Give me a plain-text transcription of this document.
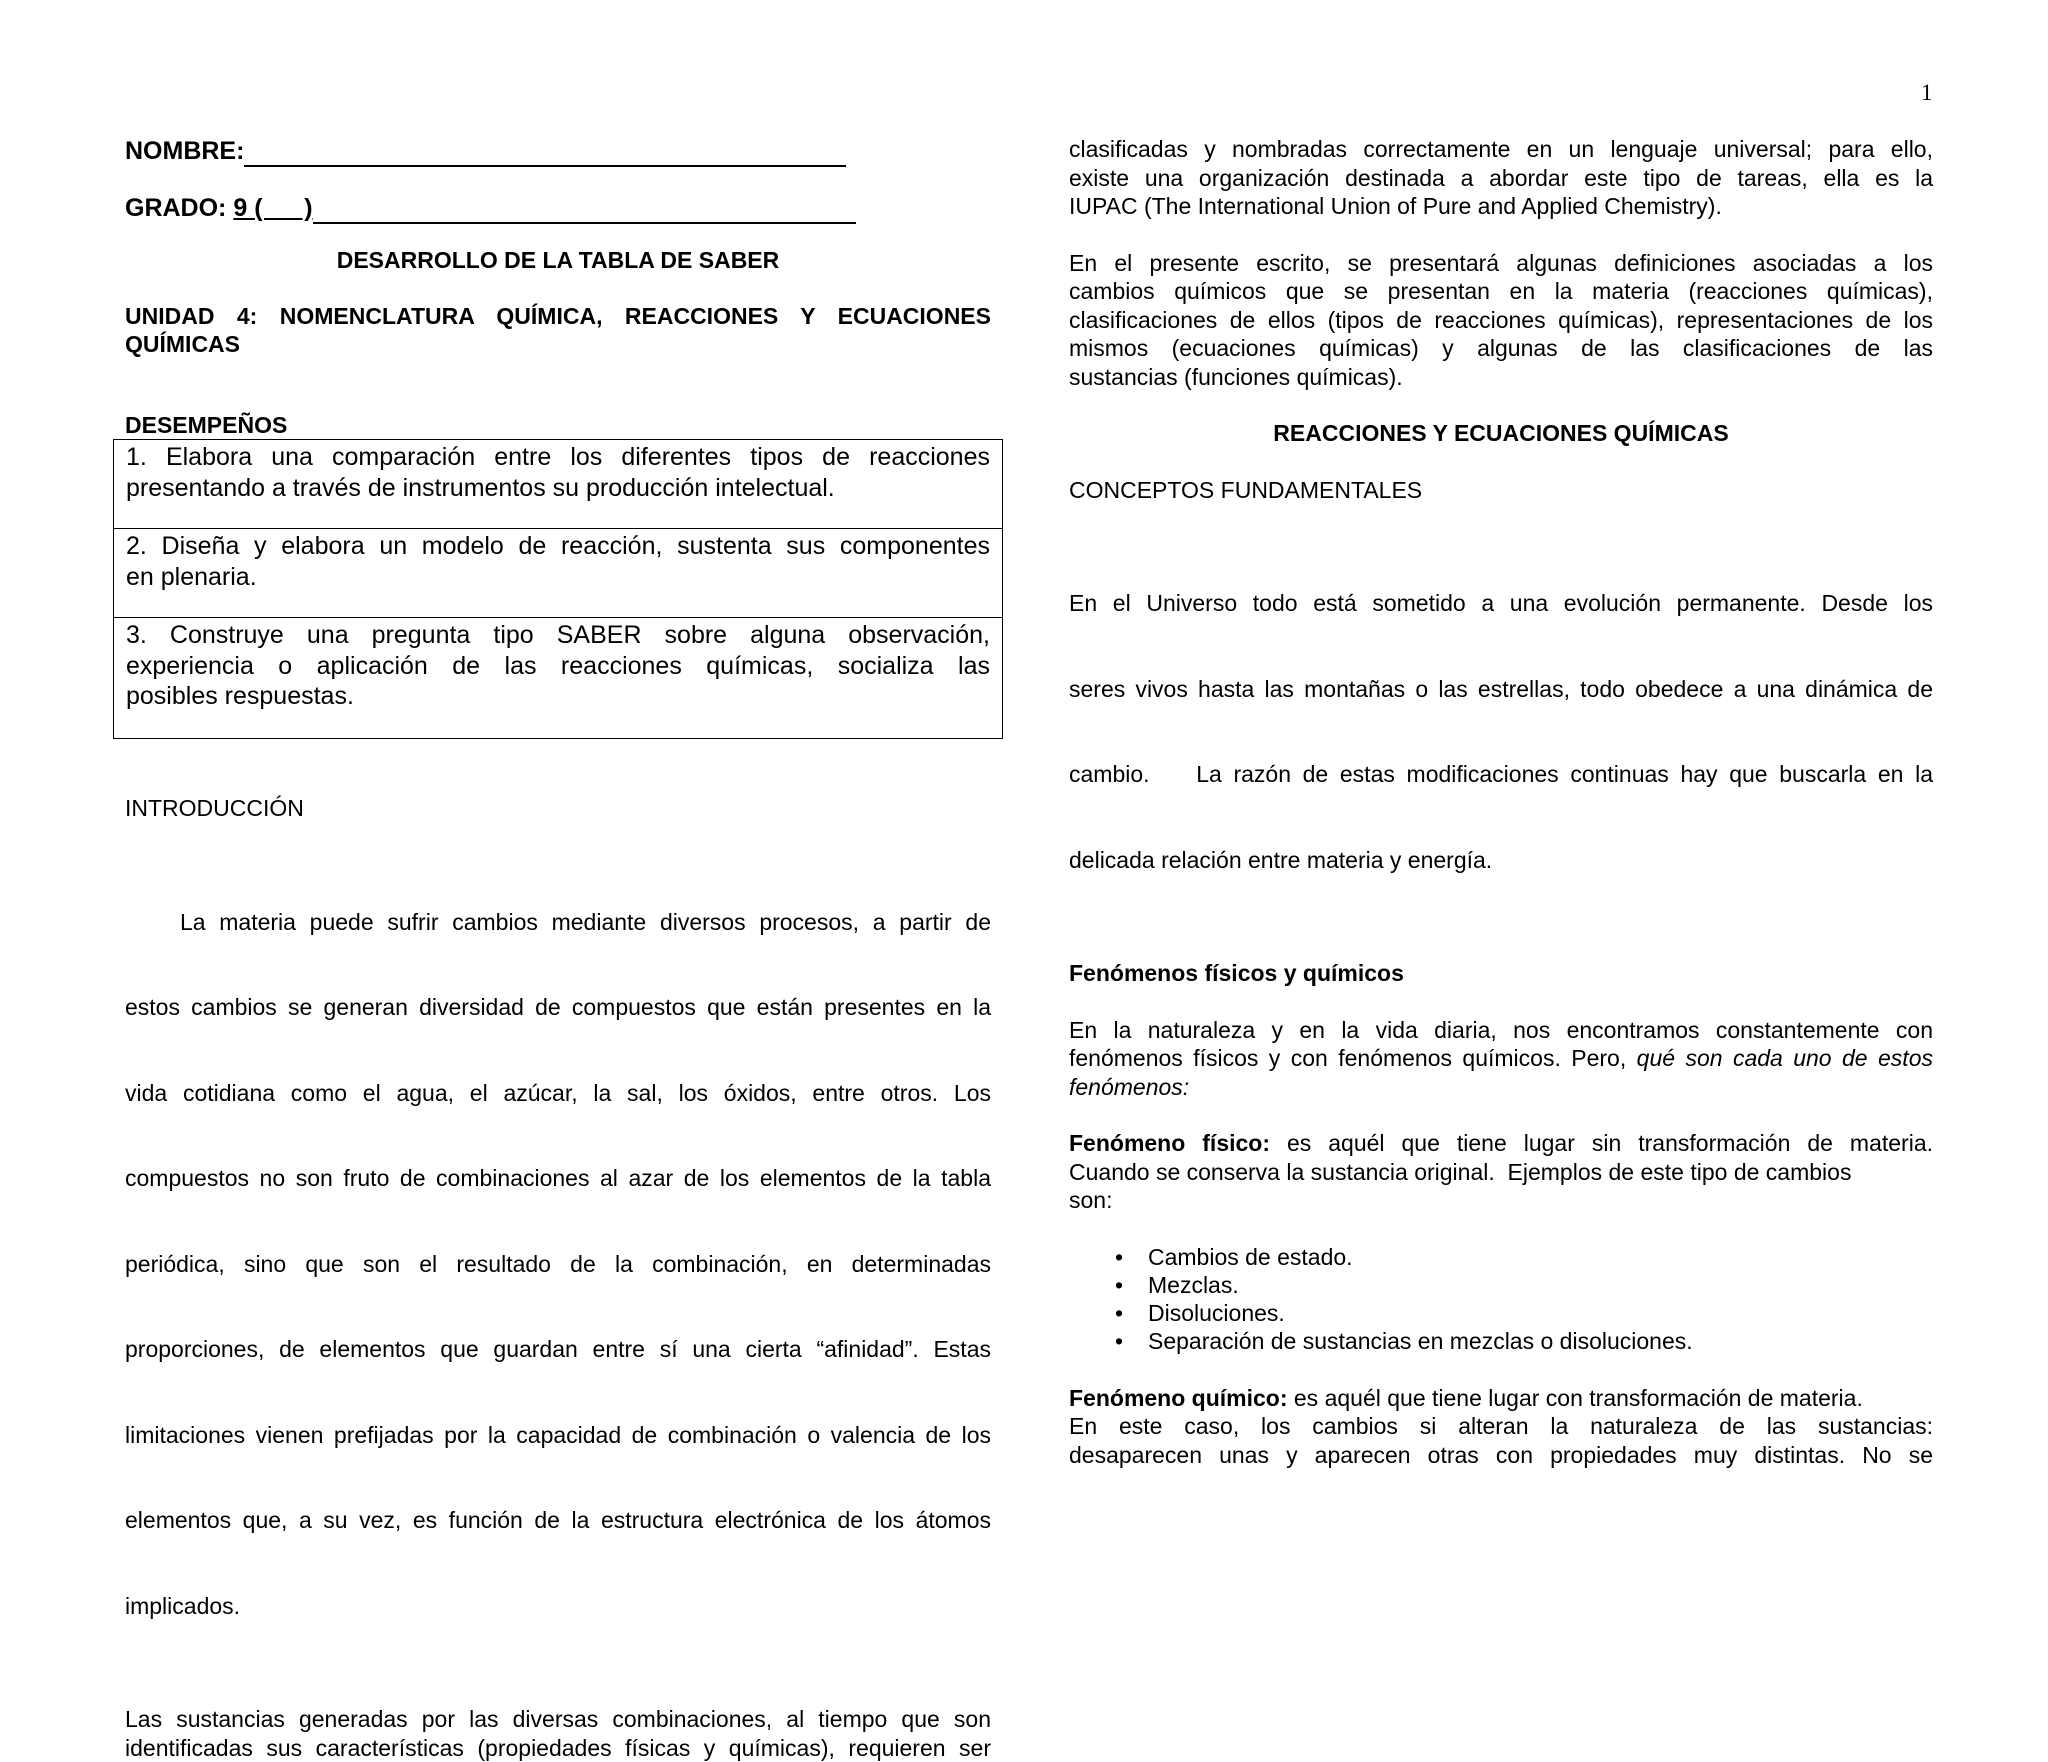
1
NOMBRE:
GRADO: 9 (      )
DESARROLLO DE LA TABLA DE SABER
UNIDAD 4: NOMENCLATURA QUÍMICA, REACCIONES Y ECUACIONES
QUÍMICAS
DESEMPEÑOS
1. Elabora una comparación entre los diferentes tipos de reacciones
presentando a través de instrumentos su producción intelectual.

2. Diseña y elabora un modelo de reacción, sustenta sus componentes
en plenaria.

3. Construye una pregunta tipo SABER sobre alguna observación,
experiencia o aplicación de las reacciones químicas, socializa las
posibles respuestas.
INTRODUCCIÓN

La materia puede sufrir cambios mediante diversos procesos, a partir de

estos cambios se generan diversidad de compuestos que están presentes en la

vida cotidiana como el agua, el azúcar, la sal, los óxidos, entre otros. Los

compuestos no son fruto de combinaciones al azar de los elementos de la tabla

periódica, sino que son el resultado de la combinación, en determinadas

proporciones, de elementos que guardan entre sí una cierta “afinidad”. Estas

limitaciones vienen prefijadas por la capacidad de combinación o valencia de los

elementos que, a su vez, es función de la estructura electrónica de los átomos

implicados.

Las sustancias generadas por las diversas combinaciones, al tiempo que son
identificadas sus características (propiedades físicas y químicas), requieren ser
clasificadas y nombradas correctamente en un lenguaje universal; para ello,
existe una organización destinada a abordar este tipo de tareas, ella es la
IUPAC (The International Union of Pure and Applied Chemistry).
En el presente escrito, se presentará algunas definiciones asociadas a los
cambios químicos que se presentan en la materia (reacciones químicas),
clasificaciones de ellos (tipos de reacciones químicas), representaciones de los
mismos (ecuaciones químicas) y algunas de las clasificaciones de las
sustancias (funciones químicas).
REACCIONES Y ECUACIONES QUÍMICAS
CONCEPTOS FUNDAMENTALES

En el Universo todo está sometido a una evolución permanente. Desde los

seres vivos hasta las montañas o las estrellas, todo obedece a una dinámica de

cambio.    La razón de estas modificaciones continuas hay que buscarla en la

delicada relación entre materia y energía.

Fenómenos físicos y químicos
En la naturaleza y en la vida diaria, nos encontramos constantemente con
fenómenos físicos y con fenómenos químicos. Pero, qué son cada uno de estos
fenómenos:
Fenómeno físico: es aquél que tiene lugar sin transformación de materia.
Cuando se conserva la sustancia original.  Ejemplos de este tipo de cambios
son:
• Cambios de estado.
• Mezclas.
• Disoluciones.
• Separación de sustancias en mezclas o disoluciones.
Fenómeno químico: es aquél que tiene lugar con transformación de materia.
En este caso, los cambios si alteran la naturaleza de las sustancias:
desaparecen unas y aparecen otras con propiedades muy distintas. No se
